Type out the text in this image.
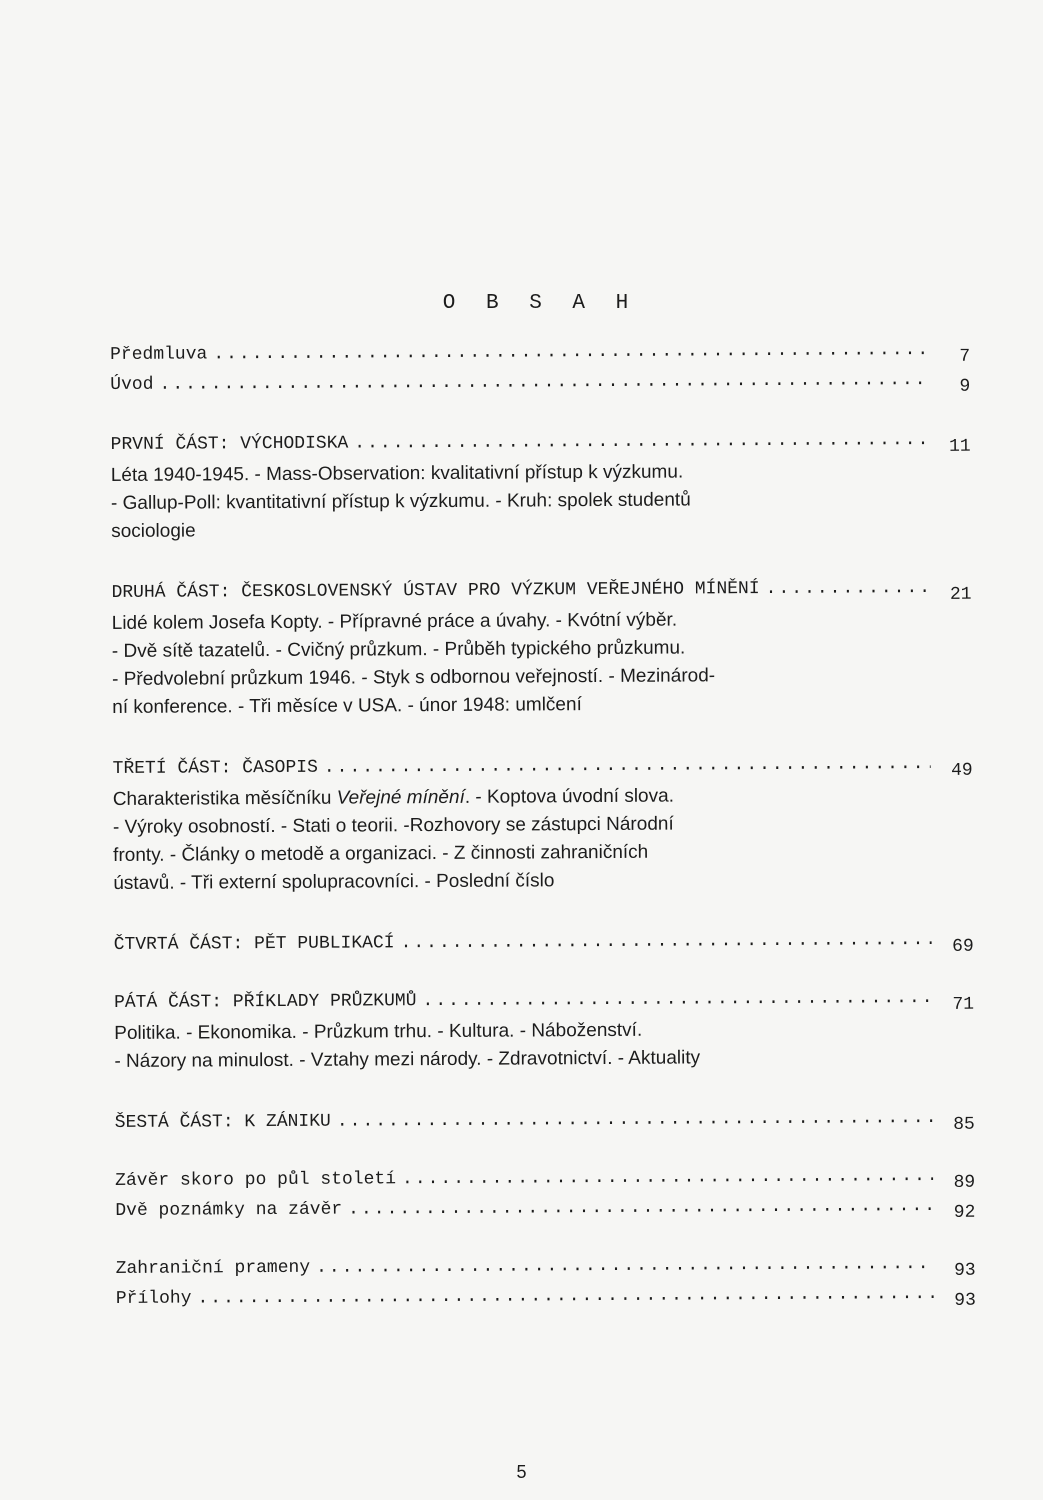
O B S A H
Předmluva .....	7
Úvod .....	9
PRVNÍ ČÁST: VÝCHODISKA .....	11
Léta 1940-1945. - Mass-Observation: kvalitativní přístup k výzkumu.
- Gallup-Poll: kvantitativní přístup k výzkumu. - Kruh: spolek studentů
sociologie
DRUHÁ ČÁST: ČESKOSLOVENSKÝ ÚSTAV PRO VÝZKUM VEŘEJNÉHO MÍNĚNÍ .....	21
Lidé kolem Josefa Kopty. - Přípravné práce a úvahy. - Kvótní výběr.
- Dvě sítě tazatelů. - Cvičný průzkum. - Průběh typického průzkumu.
- Předvolební průzkum 1946. - Styk s odbornou veřejností. - Mezinárod-
ní konference. - Tři měsíce v USA. - únor 1948: umlčení
TŘETÍ ČÁST: ČASOPIS .....	49
Charakteristika měsíčníku Veřejné mínění. - Koptova úvodní slova.
- Výroky osobností. - Stati o teorii. -Rozhovory se zástupci Národní
fronty. - Články o metodě a organizaci. - Z činnosti zahraničních
ústavů. - Tři externí spolupracovníci. - Poslední číslo
ČTVRTÁ ČÁST: PĚT PUBLIKACÍ .....	69
PÁTÁ ČÁST: PŘÍKLADY PRŮZKUMŮ .....	71
Politika. - Ekonomika. - Průzkum trhu. - Kultura. - Náboženství.
- Názory na minulost. - Vztahy mezi národy. - Zdravotnictví. - Aktuality
ŠESTÁ ČÁST: K ZÁNIKU .....	85
Závěr skoro po půl století .....	89
Dvě poznámky na závěr .....	92
Zahraniční prameny .....	93
Přílohy .....	93
5
